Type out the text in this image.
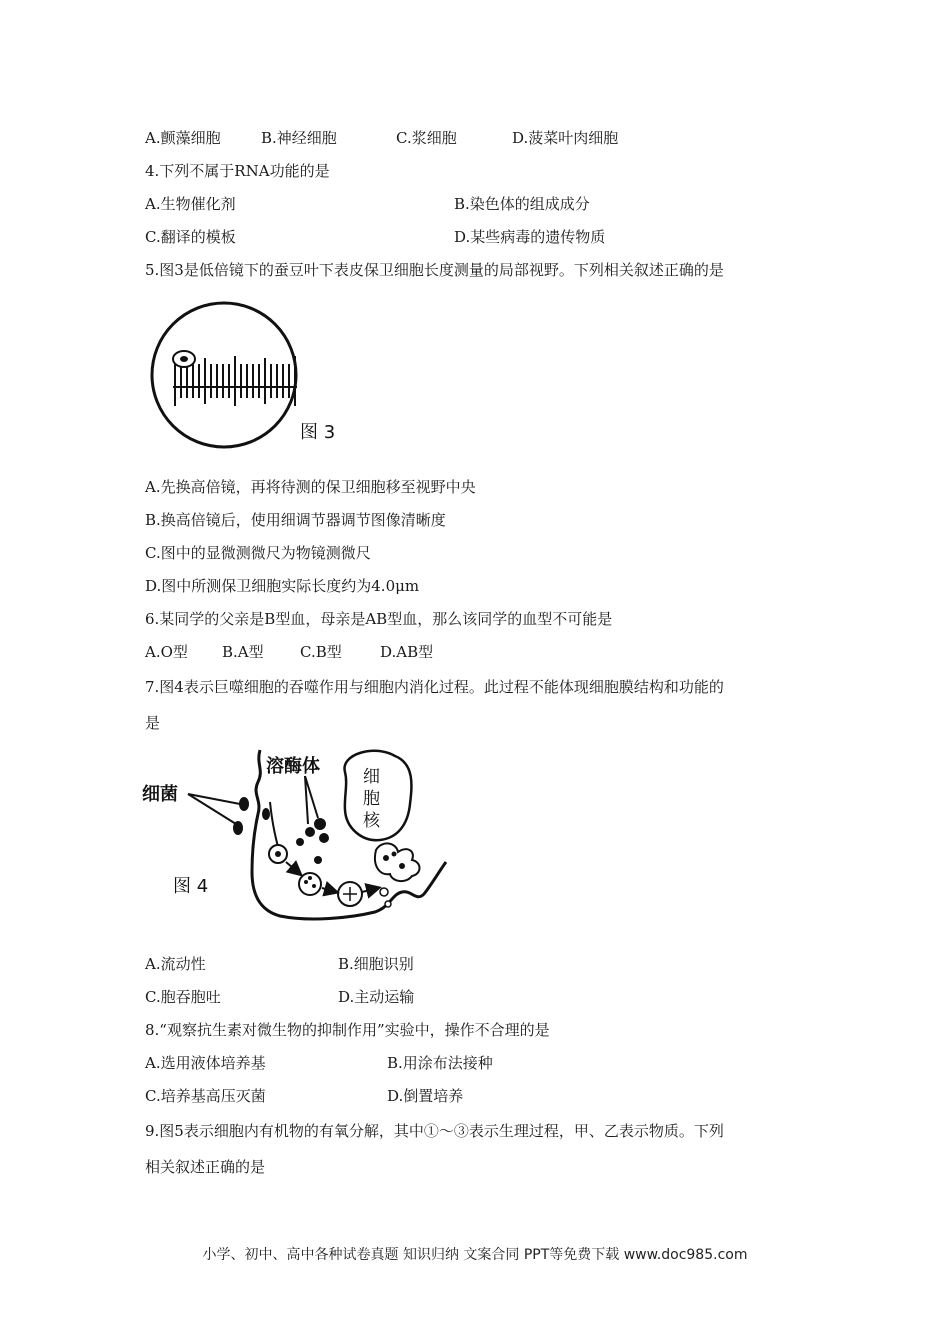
A.颤藻细胞	B.神经细胞	C.浆细胞	D.菠菜叶肉细胞
4.下列不属于RNA功能的是
A.生物催化剂	B.染色体的组成成分
C.翻译的模板	D.某些病毒的遗传物质
5.图3是低倍镜下的蚕豆叶下表皮保卫细胞长度测量的局部视野。下列相关叙述正确的是
图 3
A.先换高倍镜，再将待测的保卫细胞移至视野中央
B.换高倍镜后，使用细调节器调节图像清晰度
C.图中的显微测微尺为物镜测微尺
D.图中所测保卫细胞实际长度约为4.0μm
6.某同学的父亲是B型血，母亲是AB型血，那么该同学的血型不可能是
A.O型 B.A型 C.B型	D.AB型
7.图4表示巨噬细胞的吞噬作用与细胞内消化过程。此过程不能体现细胞膜结构和功能的
是
细菌
溶酶体	细
胞
核
图 4
A.流动性	B.细胞识别
C.胞吞胞吐	D.主动运输
8.“观察抗生素对微生物的抑制作用”实验中，操作不合理的是
A.选用液体培养基	B.用涂布法接种
C.培养基高压灭菌	D.倒置培养
9.图5表示细胞内有机物的有氧分解，其中①～③表示生理过程，甲、乙表示物质。下列
相关叙述正确的是
小学、初中、高中各种试卷真题 知识归纳 文案合同 PPT等免费下载 www.doc985.com
